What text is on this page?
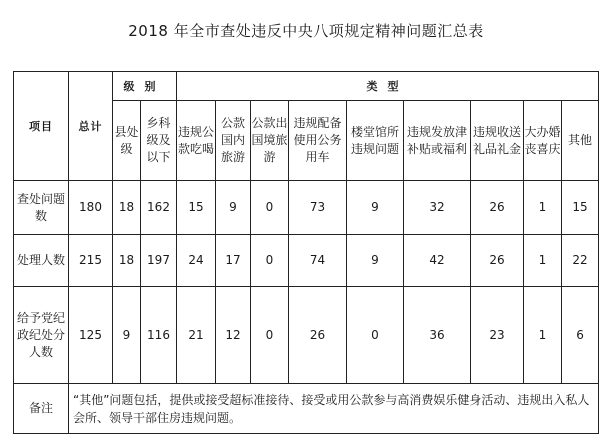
2018 年全市查处违反中央八项规定精神问题汇总表
项目	总计	级别		类型								
		县处级	乡科级及以下	违规公款吃喝	公款国内旅游	公款出国境旅游	违规配备使用公务用车	楼堂馆所违规问题	违规发放津补贴或福利	违规收送礼品礼金	大办婚丧喜庆	其他
查处问题数	180	18	162	15	9	0	73	9	32	26	1	15
处理人数	215	18	197	24	17	0	74	9	42	26	1	22
给予党纪政纪处分人数	125	9	116	21	12	0	26	0	36	23	1	6
备注	“其他”问题包括，提供或接受超标准接待、接受或用公款参与高消费娱乐健身活动、违规出入私人会所、领导干部住房违规问题。											
